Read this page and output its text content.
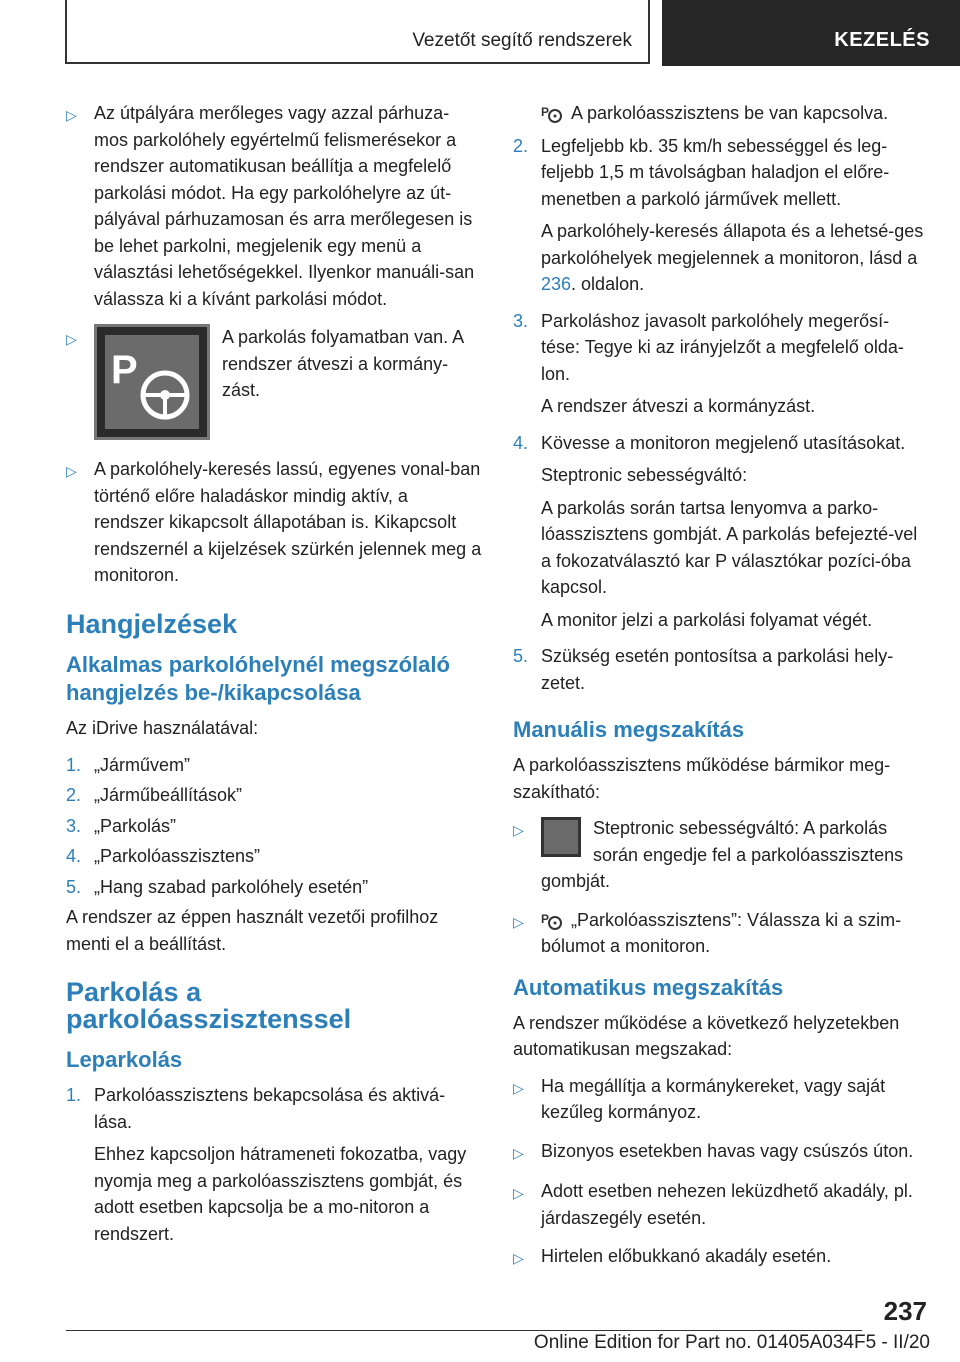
Vezetőt segítő rendszerek	KEZELÉS
▷ Az útpályára merőleges vagy azzal párhuza-mos parkolóhely egyértelmű felismerésekor a rendszer automatikusan beállítja a megfelelő parkolási módot. Ha egy parkolóhelyre az út-pályával párhuzamosan és arra merőlegesen is be lehet parkolni, megjelenik egy menü a választási lehetőségekkel. Ilyenkor manuáli-san válassza ki a kívánt parkolási módot.
▷
P
A parkolás folyamatban van. A rendszer átveszi a kormány-zást.
▷ A parkolóhely-keresés lassú, egyenes vonal-ban történő előre haladáskor mindig aktív, a rendszer kikapcsolt állapotában is. Kikapcsolt rendszernél a kijelzések szürkén jelennek meg a monitoron.
Hangjelzések
Alkalmas parkolóhelynél megszólaló hangjelzés be-/kikapcsolása

Az iDrive használatával:

1. „Járművem”
2. „Járműbeállítások”
3. „Parkolás”
4. „Parkolóasszisztens”
5. „Hang szabad parkolóhely esetén”

A rendszer az éppen használt vezetői profilhoz menti el a beállítást.

Parkolás a parkolóasszisztenssel
Leparkolás
1. Parkolóasszisztens bekapcsolása és aktivá-lása.

Ehhez kapcsoljon hátrameneti fokozatba, vagy nyomja meg a parkolóasszisztens gombját, és adott esetben kapcsolja be a mo-nitoron a rendszert.

P A parkolóasszisztens be van kapcsolva.

2. Legfeljebb kb. 35 km/h sebességgel és leg-feljebb 1,5 m távolságban haladjon el előre-menetben a parkoló járművek mellett.

A parkolóhely-keresés állapota és a lehetsé-ges parkolóhelyek megjelennek a monitoron, lásd a 236. oldalon.

3. Parkoláshoz javasolt parkolóhely megerősí-tése: Tegye ki az irányjelzőt a megfelelő olda-lon.

A rendszer átveszi a kormányzást.

4. Kövesse a monitoron megjelenő utasításokat.

Steptronic sebességváltó:

A parkolás során tartsa lenyomva a parko-lóasszisztens gombját. A parkolás befejezté-vel a fokozatválasztó kar P választókar pozíci-óba kapcsol.

A monitor jelzi a parkolási folyamat végét.

5. Szükség esetén pontosítsa a parkolási hely-zetet.

Manuális megszakítás

A parkolóasszisztens működése bármikor meg-szakítható:

▷	Steptronic sebességváltó: A parkolás során engedje fel a parkolóasszisztens gombját.
▷	P „Parkolóasszisztens”: Válassza ki a szim-bólumot a monitoron.
Automatikus megszakítás

A rendszer működése a következő helyzetekben automatikusan megszakad:

▷ Ha megállítja a kormánykereket, vagy saját kezűleg kormányoz.
▷ Bizonyos esetekben havas vagy csúszós úton.
▷ Adott esetben nehezen leküzdhető akadály, pl. járdaszegély esetén.
▷ Hirtelen előbukkanó akadály esetén.
237
Online Edition for Part no. 01405A034F5 - II/20
